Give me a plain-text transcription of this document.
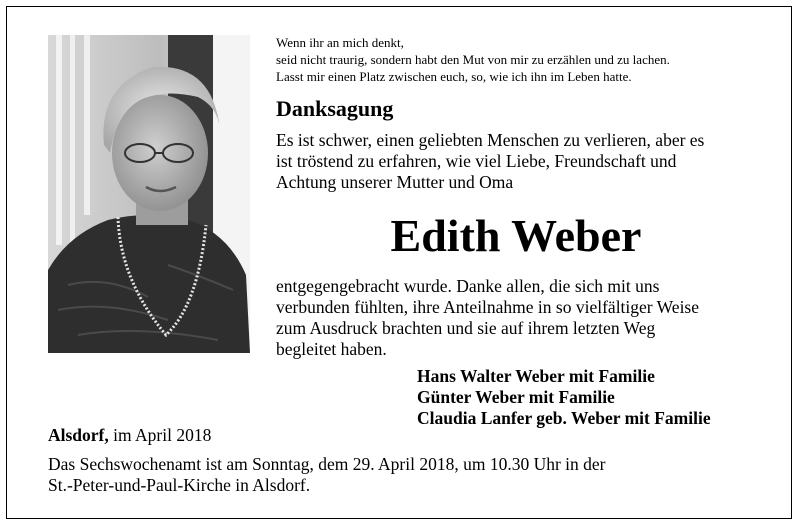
Wenn ihr an mich denkt,
seid nicht traurig, sondern habt den Mut von mir zu erzählen und zu lachen.
Lasst mir einen Platz zwischen euch, so, wie ich ihn im Leben hatte.
Danksagung
Es ist schwer, einen geliebten Menschen zu verlieren, aber es
ist tröstend zu erfahren, wie viel Liebe, Freundschaft und
Achtung unserer Mutter und Oma
Edith Weber
entgegengebracht wurde. Danke allen, die sich mit uns
verbunden fühlten, ihre Anteilnahme in so vielfältiger Weise
zum Ausdruck brachten und sie auf ihrem letzten Weg
begleitet haben.
Hans Walter Weber mit Familie
Günter Weber mit Familie
Claudia Lanfer geb. Weber mit Familie
Alsdorf, im April 2018
Das Sechswochenamt ist am Sonntag, dem 29. April 2018, um 10.30 Uhr in der
St.-Peter-und-Paul-Kirche in Alsdorf.
